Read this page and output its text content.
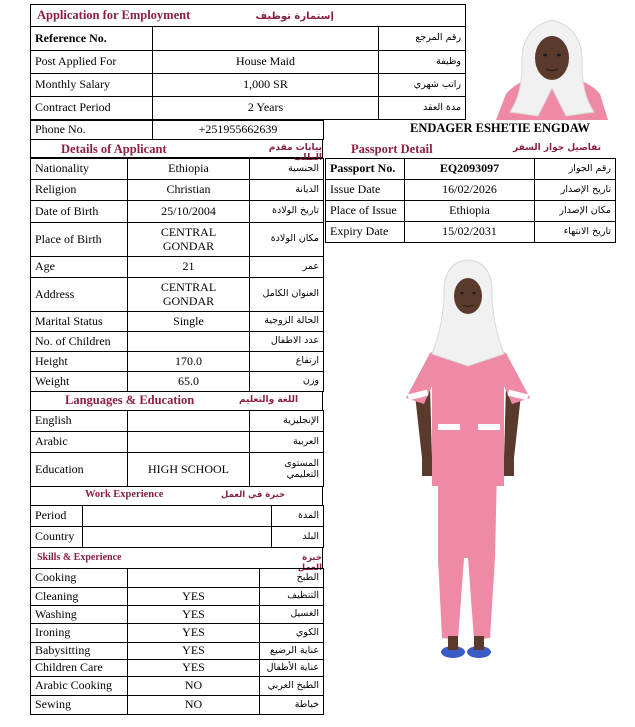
Application for Employment إستمارة توظيف		

Reference No.		رقم المرجع
Post Applied For	House Maid	وظيفة
Monthly Salary	1,000 SR	راتب شهري
Contract Period	2 Years	مدة العقد
Phone No.	+251955662639	ENDAGER ESHETIE ENGDAW
Details of Applicant	بيانات مقدم الطلب
Passport Detail	تفاصيل جواز السفر
Nationality	Ethiopia	الجنسية
Religion	Christian	الديانة
Date of Birth	25/10/2004	تاريخ الولادة
Place of Birth	CENTRAL GONDAR	مكان الولادة
Age	21	عمر
Address	CENTRAL GONDAR	العنوان الكامل
Marital Status	Single	الحالة الزوجية
No. of Children		عدد الاطفال
Height	170.0	ارتفاع
Weight	65.0	وزن
Languages & Education	اللغة والتعليم
English		الإنجليزية
Arabic		العربية
Education	HIGH SCHOOL	المستوى التعليمي
Work Experience	خبرة في العمل
Period		المدة
Country		البلد
Skills & Experience	خبرة العمل
Cooking		الطبخ
Cleaning	YES	التنظيف
Washing	YES	الغسيل
Ironing	YES	الكوي
Babysitting	YES	عناية الرضيع
Children Care	YES	عناية الأطفال
Arabic Cooking	NO	الطبخ العربي
Sewing	NO	خياطة
Passport No.	EQ2093097	رقم الجواز
Issue Date	16/02/2026	تاريخ الإصدار
Place of Issue	Ethiopia	مكان الإصدار
Expiry Date	15/02/2031	تاريخ الانتهاء
